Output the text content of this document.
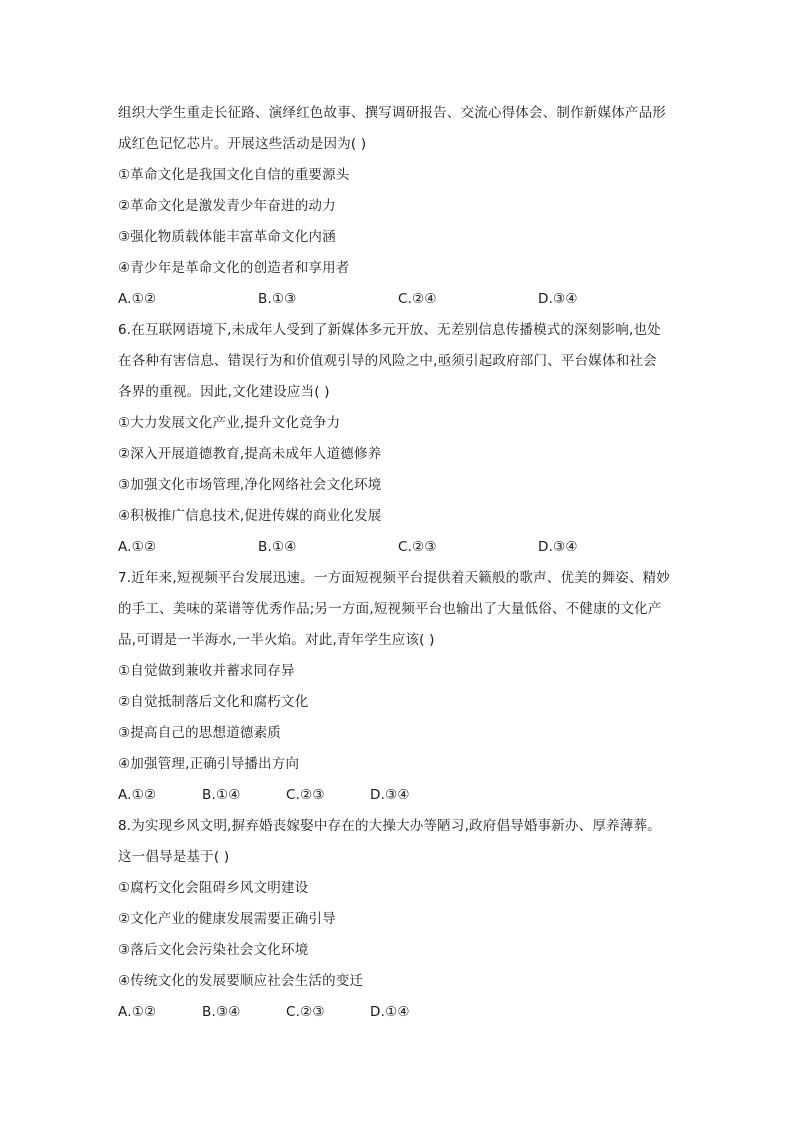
组织大学生重走长征路、演绎红色故事、撰写调研报告、交流心得体会、制作新媒体产品形
成红色记忆芯片。开展这些活动是因为( )
①革命文化是我国文化自信的重要源头
②革命文化是激发青少年奋进的动力
③强化物质载体能丰富革命文化内涵
④青少年是革命文化的创造者和享用者
A.①②	B.①③	C.②④	D.③④
6.在互联网语境下,未成年人受到了新媒体多元开放、无差别信息传播模式的深刻影响,也处
在各种有害信息、错误行为和价值观引导的风险之中,亟须引起政府部门、平台媒体和社会
各界的重视。因此,文化建设应当( )
①大力发展文化产业,提升文化竞争力
②深入开展道德教育,提高未成年人道德修养
③加强文化市场管理,净化网络社会文化环境
④积极推广信息技术,促进传媒的商业化发展
A.①②	B.①④	C.②③	D.③④
7.近年来,短视频平台发展迅速。一方面短视频平台提供着天籁般的歌声、优美的舞姿、精妙
的手工、美味的菜谱等优秀作品;另一方面,短视频平台也输出了大量低俗、不健康的文化产
品,可谓是一半海水,一半火焰。对此,青年学生应该( )
①自觉做到兼收并蓄求同存异
②自觉抵制落后文化和腐朽文化
③提高自己的思想道德素质
④加强管理,正确引导播出方向
A.①②	B.①④	C.②③	D.③④
8.为实现乡风文明,摒弃婚丧嫁娶中存在的大操大办等陋习,政府倡导婚事新办、厚养薄葬。
这一倡导是基于( )
①腐朽文化会阻碍乡风文明建设
②文化产业的健康发展需要正确引导
③落后文化会污染社会文化环境
④传统文化的发展要顺应社会生活的变迁
A.①②	B.③④	C.②③	D.①④
